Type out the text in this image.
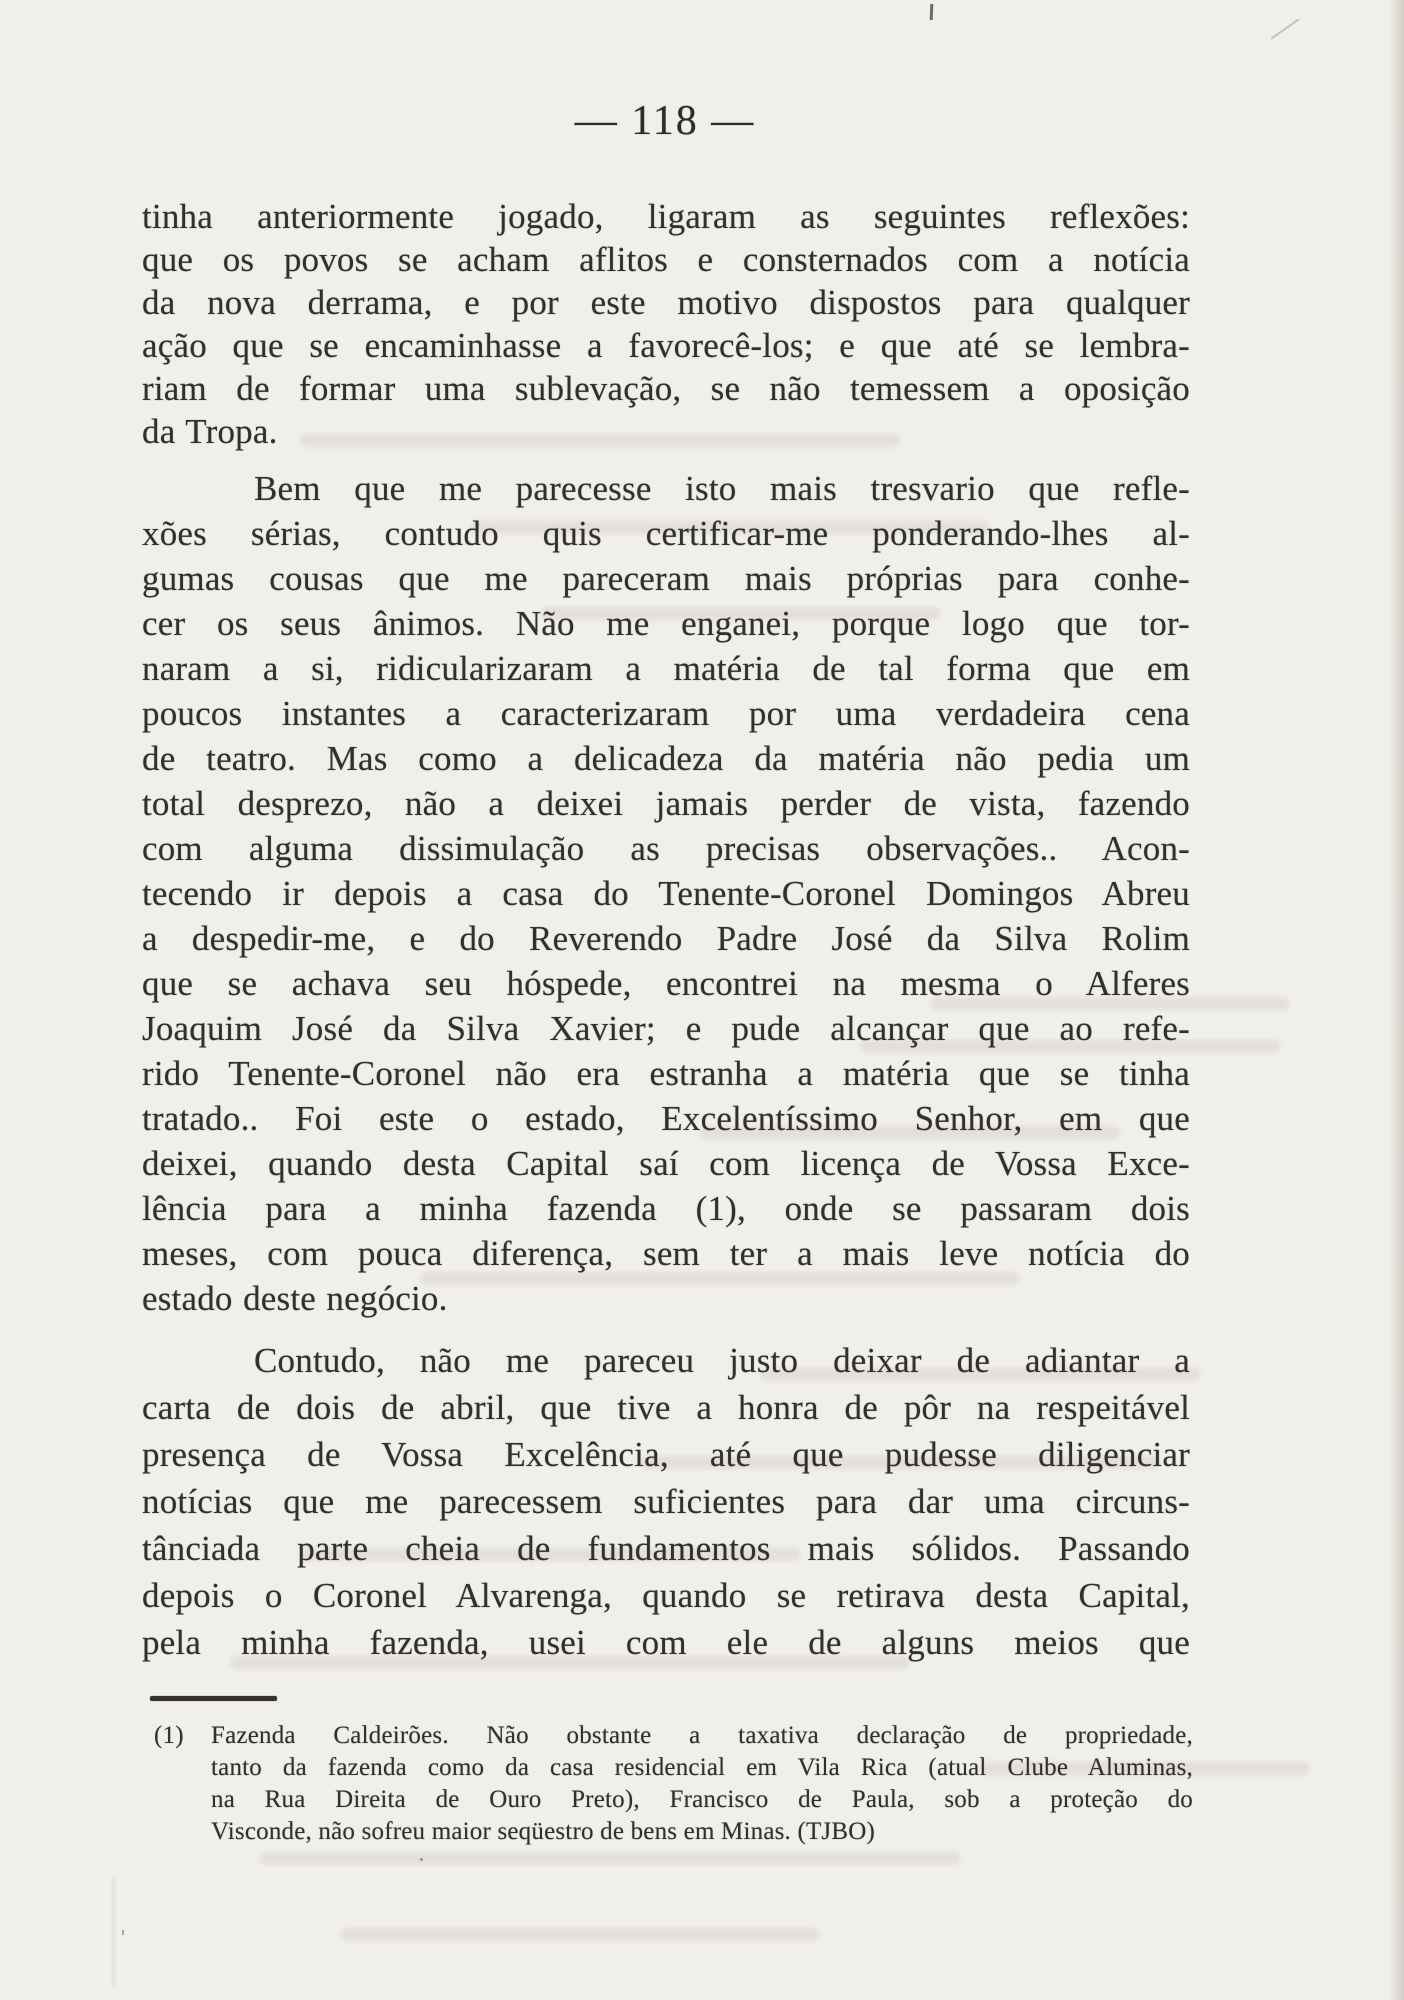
— 118 —
tinha anteriormente jogado, ligaram as seguintes reflexões:
que os povos se acham aflitos e consternados com a notícia
da nova derrama, e por este motivo dispostos para qualquer
ação que se encaminhasse a favorecê-los; e que até se lembra-
riam de formar uma sublevação, se não temessem a oposição
da Tropa.
Bem que me parecesse isto mais tresvario que refle-
xões sérias, contudo quis certificar-me ponderando-lhes al-
gumas cousas que me pareceram mais próprias para conhe-
cer os seus ânimos. Não me enganei, porque logo que tor-
naram a si, ridicularizaram a matéria de tal forma que em
poucos instantes a caracterizaram por uma verdadeira cena
de teatro. Mas como a delicadeza da matéria não pedia um
total desprezo, não a deixei jamais perder de vista, fazendo
com alguma dissimulação as precisas observações.. Acon-
tecendo ir depois a casa do Tenente-Coronel Domingos Abreu
a despedir-me, e do Reverendo Padre José da Silva Rolim
que se achava seu hóspede, encontrei na mesma o Alferes
Joaquim José da Silva Xavier; e pude alcançar que ao refe-
rido Tenente-Coronel não era estranha a matéria que se tinha
tratado.. Foi este o estado, Excelentíssimo Senhor, em que
deixei, quando desta Capital saí com licença de Vossa Exce-
lência para a minha fazenda (1), onde se passaram dois
meses, com pouca diferença, sem ter a mais leve notícia do
estado deste negócio.
Contudo, não me pareceu justo deixar de adiantar a
carta de dois de abril, que tive a honra de pôr na respeitável
presença de Vossa Excelência, até que pudesse diligenciar
notícias que me parecessem suficientes para dar uma circuns-
tânciada parte cheia de fundamentos mais sólidos. Passando
depois o Coronel Alvarenga, quando se retirava desta Capital,
pela minha fazenda, usei com ele de alguns meios que
(1) Fazenda Caldeirões. Não obstante a taxativa declaração de propriedade,
tanto da fazenda como da casa residencial em Vila Rica (atual Clube Aluminas,
na Rua Direita de Ouro Preto), Francisco de Paula, sob a proteção do
Visconde, não sofreu maior seqüestro de bens em Minas. (TJBO)
